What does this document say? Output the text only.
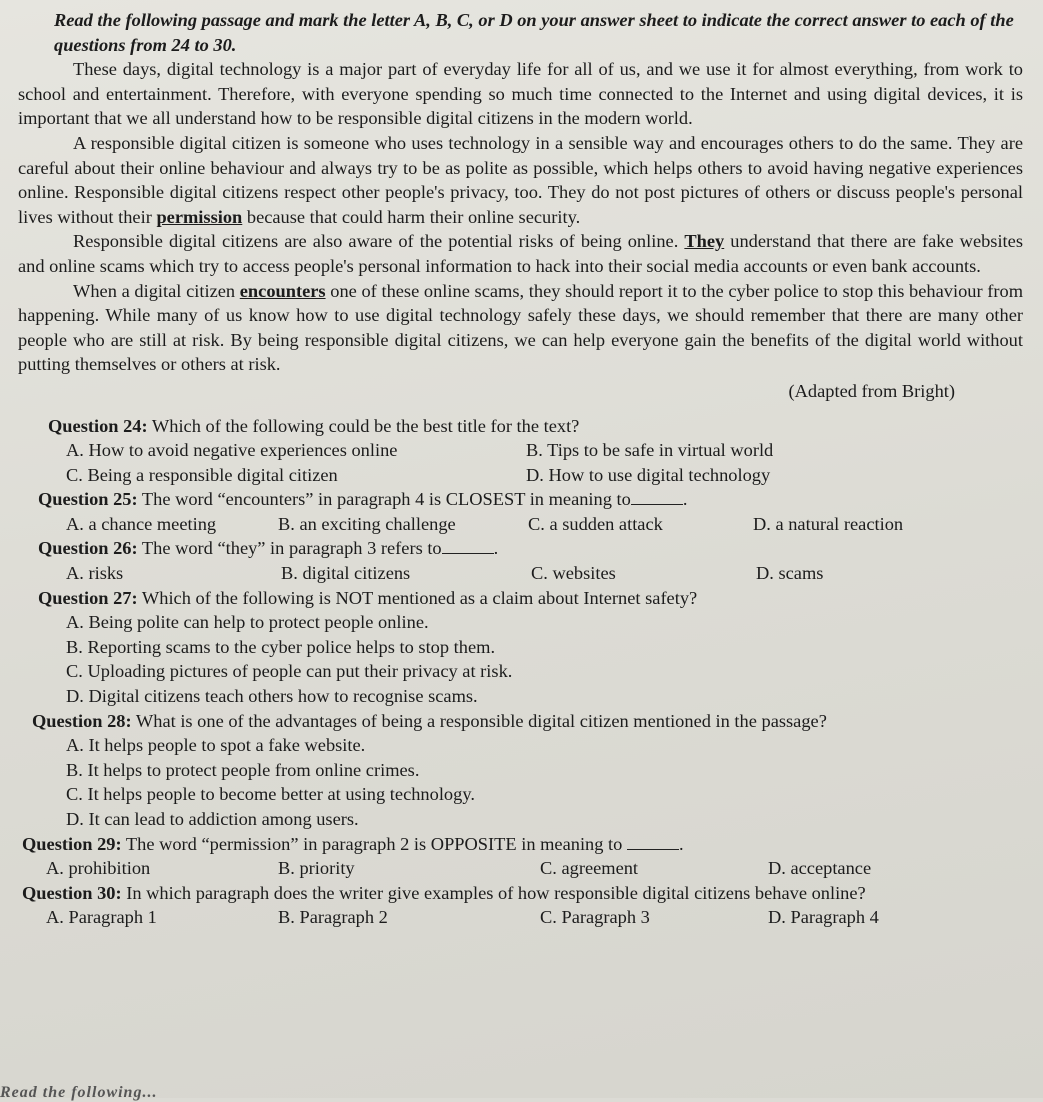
Read the following passage and mark the letter A, B, C, or D on your answer sheet to indicate the correct answer to each of the questions from 24 to 30.

These days, digital technology is a major part of everyday life for all of us, and we use it for almost everything, from work to school and entertainment. Therefore, with everyone spending so much time connected to the Internet and using digital devices, it is important that we all understand how to be responsible digital citizens in the modern world.

A responsible digital citizen is someone who uses technology in a sensible way and encourages others to do the same. They are careful about their online behaviour and always try to be as polite as possible, which helps others to avoid having negative experiences online. Responsible digital citizens respect other people's privacy, too. They do not post pictures of others or discuss people's personal lives without their permission because that could harm their online security.

Responsible digital citizens are also aware of the potential risks of being online. They understand that there are fake websites and online scams which try to access people's personal information to hack into their social media accounts or even bank accounts.

When a digital citizen encounters one of these online scams, they should report it to the cyber police to stop this behaviour from happening. While many of us know how to use digital technology safely these days, we should remember that there are many other people who are still at risk. By being responsible digital citizens, we can help everyone gain the benefits of the digital world without putting themselves or others at risk.

(Adapted from Bright)

Question 24: Which of the following could be the best title for the text?
A. How to avoid negative experiences online	B. Tips to be safe in virtual world
C. Being a responsible digital citizen	D. How to use digital technology
Question 25: The word “encounters” in paragraph 4 is CLOSEST in meaning to	.
A. a chance meeting	B. an exciting challenge	C. a sudden attack	D. a natural reaction
Question 26: The word “they” in paragraph 3 refers to	.
A. risks	B. digital citizens	C. websites	D. scams
Question 27: Which of the following is NOT mentioned as a claim about Internet safety?
A. Being polite can help to protect people online.
B. Reporting scams to the cyber police helps to stop them.
C. Uploading pictures of people can put their privacy at risk.
D. Digital citizens teach others how to recognise scams.
Question 28: What is one of the advantages of being a responsible digital citizen mentioned in the passage?
A. It helps people to spot a fake website.
B. It helps to protect people from online crimes.
C. It helps people to become better at using technology.
D. It can lead to addiction among users.
Question 29: The word “permission” in paragraph 2 is OPPOSITE in meaning to	.
A. prohibition	B. priority	C. agreement	D. acceptance
Question 30: In which paragraph does the writer give examples of how responsible digital citizens behave online?
A. Paragraph 1	B. Paragraph 2	C. Paragraph 3	D. Paragraph 4
Read the following...
